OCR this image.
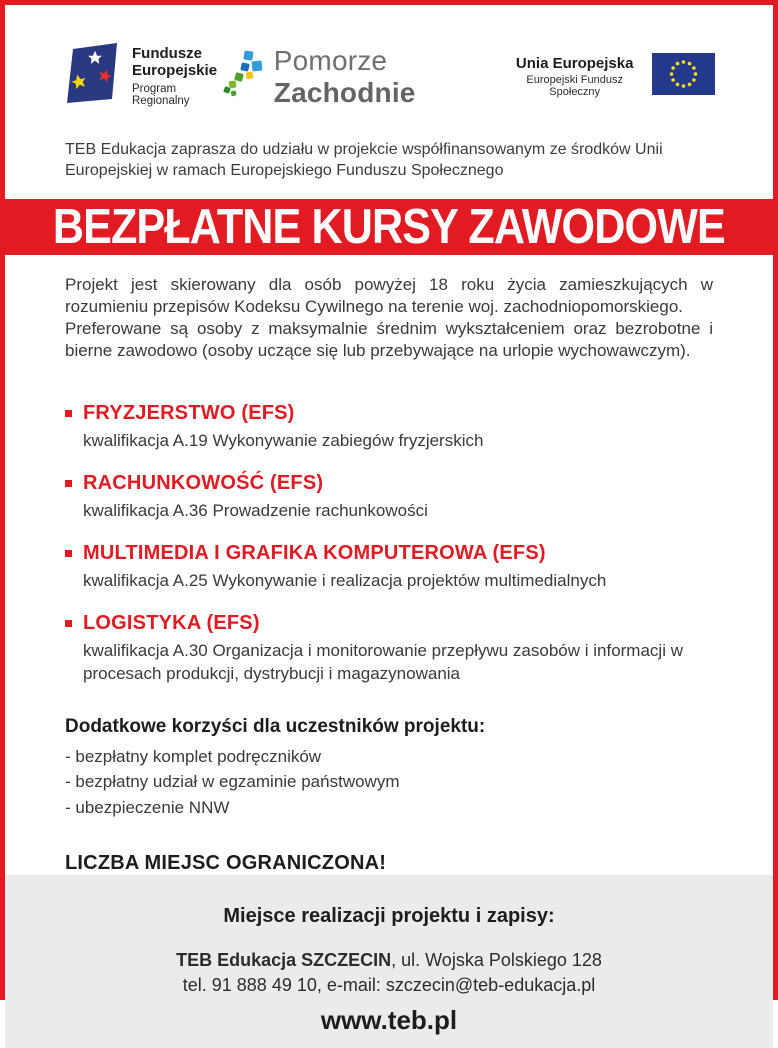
Fundusze
Europejskie
Program Regionalny
Pomorze Zachodnie
Unia Europejska
Europejski Fundusz Społeczny
TEB Edukacja zaprasza do udziału w projekcie współfinansowanym ze środków Unii Europejskiej w ramach Europejskiego Funduszu Społecznego
BEZPŁATNE KURSY ZAWODOWE

Projekt jest skierowany dla osób powyżej 18 roku życia zamieszkujących w rozumieniu przepisów Kodeksu Cywilnego na terenie woj. zachodniopomorskiego.

Preferowane są osoby z maksymalnie średnim wykształceniem oraz bezrobotne i bierne zawodowo (osoby uczące się lub przebywające na urlopie wychowawczym).

FRYZJERSTWO (EFS)
kwalifikacja A.19 Wykonywanie zabiegów fryzjerskich
RACHUNKOWOŚĆ (EFS)
kwalifikacja A.36 Prowadzenie rachunkowości
MULTIMEDIA I GRAFIKA KOMPUTEROWA (EFS)
kwalifikacja A.25 Wykonywanie i realizacja projektów multimedialnych
LOGISTYKA (EFS)
kwalifikacja A.30 Organizacja i monitorowanie przepływu zasobów i informacji w procesach produkcji, dystrybucji i magazynowania
Dodatkowe korzyści dla uczestników projektu:
- bezpłatny komplet podręczników
- bezpłatny udział w egzaminie państwowym
- ubezpieczenie NNW
LICZBA MIEJSC OGRANICZONA!
Miejsce realizacji projektu i zapisy:
TEB Edukacja SZCZECIN, ul. Wojska Polskiego 128
tel. 91 888 49 10, e-mail: szczecin@teb-edukacja.pl
www.teb.pl
